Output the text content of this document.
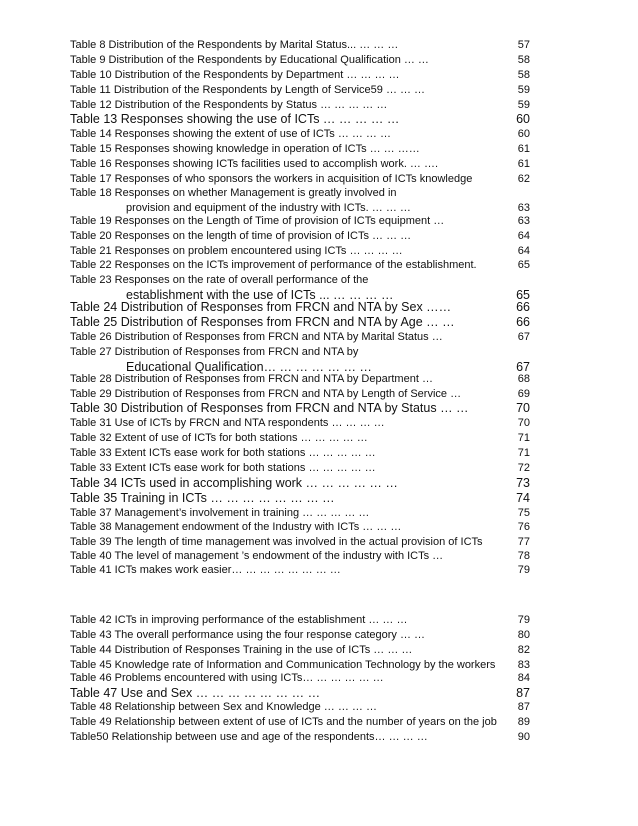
Table 8 Distribution of the Respondents by Marital Status... … … …	57
Table 9 Distribution of the Respondents by Educational Qualification … …	58
Table 10 Distribution of the Respondents by Department … … … …	58
Table 11 Distribution of the Respondents by Length of Service59 … … …	59
Table 12 Distribution of the Respondents by Status … … … … …	59
Table 13 Responses showing the use of ICTs … … … … …	60
Table 14 Responses showing the extent of use of ICTs … … … …	60
Table 15 Responses showing knowledge in operation of ICTs … … ……	61
Table 16 Responses showing ICTs facilities used to accomplish work. … ….	61
Table 17 Responses of who sponsors the workers in acquisition of ICTs knowledge	62
Table 18 Responses on whether Management is greatly involved in
provision and equipment of the industry with ICTs. … … …	63
Table 19 Responses on the Length of Time of provision of ICTs equipment …	63
Table 20 Responses on the length of time of provision of ICTs … … …	64
Table 21 Responses on problem encountered using ICTs … … … …	64
Table 22 Responses on the ICTs improvement of performance of the establishment.	65
Table 23 Responses on the rate of overall performance of the
establishment with the use of ICTs ... … … … …	65
Table 24 Distribution of Responses from FRCN and NTA by Sex ……	66
Table 25 Distribution of Responses from FRCN and NTA by Age … …	66
Table 26 Distribution of Responses from FRCN and NTA by Marital Status …	67
Table 27 Distribution of Responses from FRCN and NTA by
Educational Qualification… … … … … … …	67
Table 28 Distribution of Responses from FRCN and NTA by Department …	68
Table 29 Distribution of Responses from FRCN and NTA by Length of Service …	69
Table 30 Distribution of Responses from FRCN and NTA by Status … …	70
Table 31 Use of ICTs by FRCN and NTA respondents … … … …	70
Table 32 Extent of use of ICTs for both stations … … … … …	71
Table 33 Extent ICTs ease work for both stations … … … … …	71
Table 33 Extent ICTs ease work for both stations … … … … …	72
Table 34 ICTs used in accomplishing work … … … … … …	73
Table 35 Training in ICTs … … … … … … … …	74
Table 37 Management’s involvement in training … … … … …	75
Table 38 Management endowment of the Industry with ICTs … … …	76
Table 39 The length of time management was involved in the actual provision of ICTs	77
Table 40 The level of management ’s endowment of the industry with ICTs …	78
Table 41 ICTs makes work easier… … … … … … … …	79
Table 42 ICTs in improving performance of the establishment … … …	79
Table 43 The overall performance using the four response category … …	80
Table 44 Distribution of Responses Training in the use of ICTs … … …	82
Table 45 Knowledge rate of Information and Communication Technology by the workers	83
Table 46 Problems encountered with using ICTs… … … … … …	84
Table 47 Use and Sex … … … … … … … …	87
Table 48 Relationship between Sex and Knowledge … … … …	87
Table 49 Relationship between extent of use of ICTs and the number of years on the job	89
Table50 Relationship between use and age of the respondents… … … …	90
